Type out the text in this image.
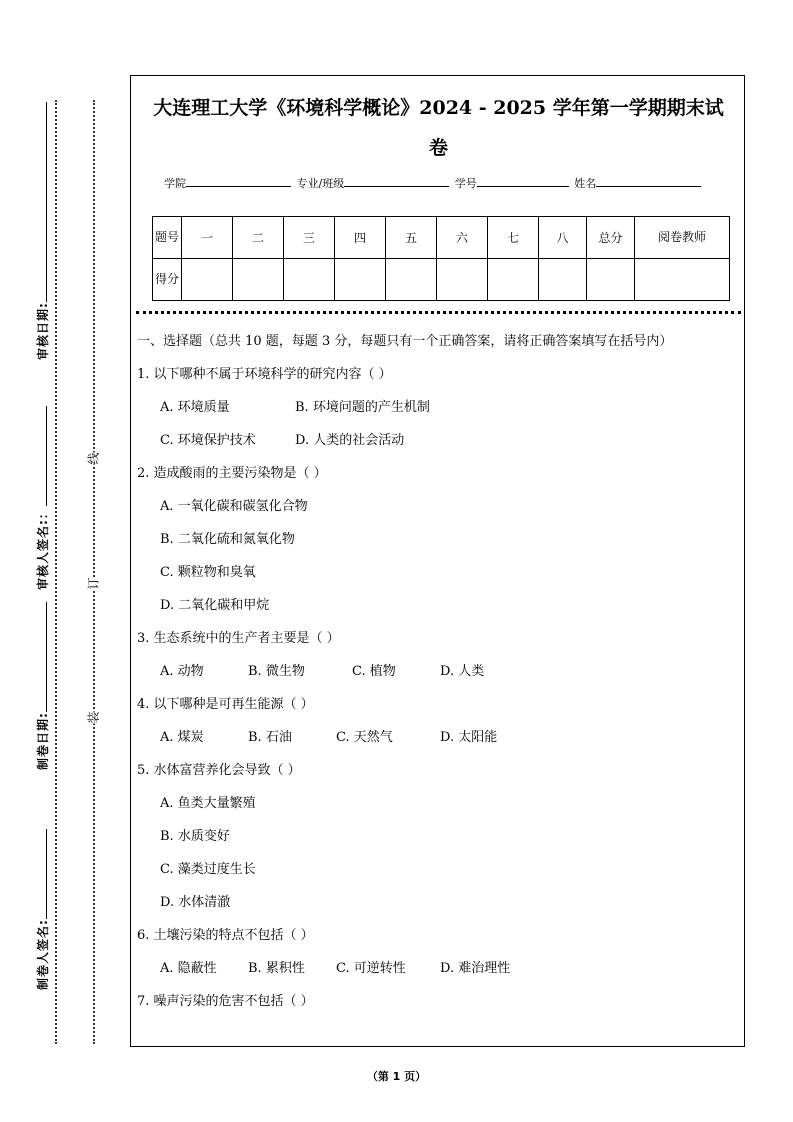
审核日期:
审核人签名:：
制卷日期:
制卷人签名:
线
订
装
大连理工大学《环境科学概论》2024 - 2025 学年第一学期期末试
卷
学院	专业/班级	学号	姓名
题号	一	二	三	四	五	六	七	八	总分	阅卷教师
得分										

一、选择题（总共 10 题，每题 3 分，每题只有一个正确答案，请将正确答案填写在括号内）

1. 以下哪种不属于环境科学的研究内容（ ）

A. 环境质量	B. 环境问题的产生机制

C. 环境保护技术	D. 人类的社会活动

2. 造成酸雨的主要污染物是（ ）

A. 一氧化碳和碳氢化合物

B. 二氧化硫和氮氧化物

C. 颗粒物和臭氧

D. 二氧化碳和甲烷

3. 生态系统中的生产者主要是（ ）

A. 动物	B. 微生物	C. 植物	D. 人类

4. 以下哪种是可再生能源（ ）

A. 煤炭	B. 石油	C. 天然气	D. 太阳能

5. 水体富营养化会导致（ ）

A. 鱼类大量繁殖

B. 水质变好

C. 藻类过度生长

D. 水体清澈

6. 土壤污染的特点不包括（ ）

A. 隐蔽性 B. 累积性 C. 可逆转性	D. 难治理性

7. 噪声污染的危害不包括（ ）

（第 1 页）
